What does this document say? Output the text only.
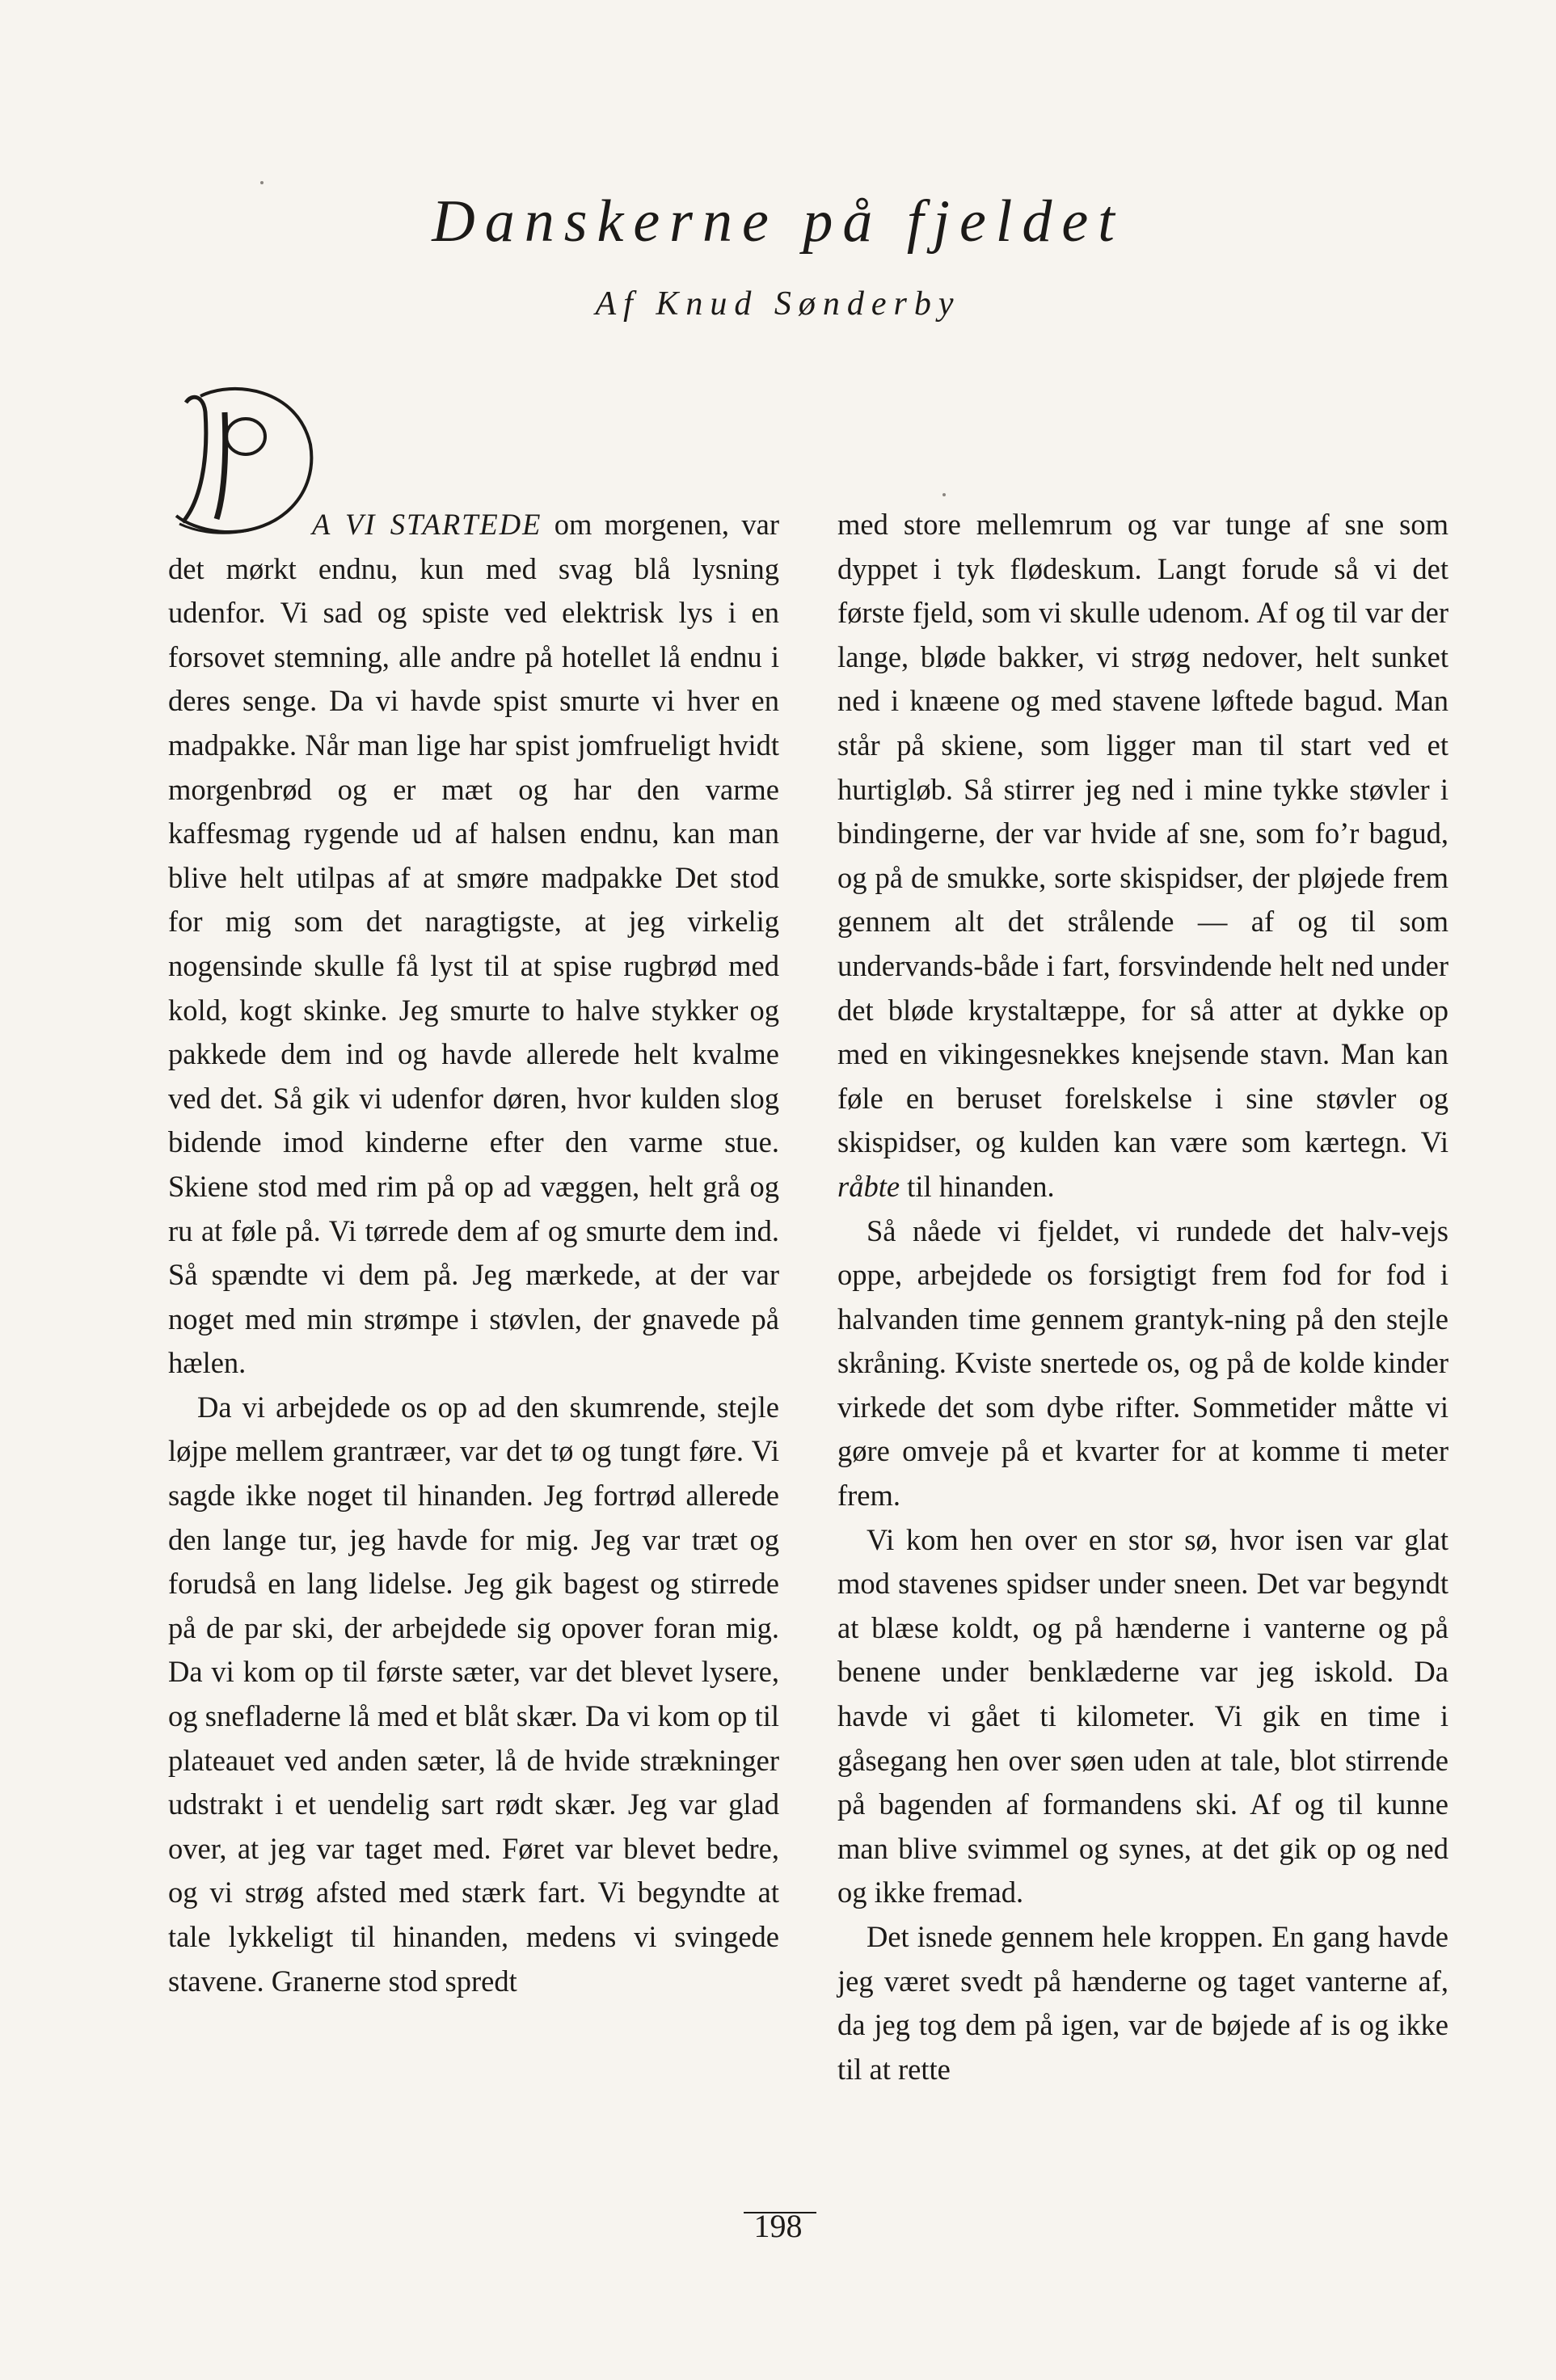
Danskerne på fjeldet
Af Knud Sønderby

A VI STARTEDE om morgenen, var det mørkt endnu, kun med svag blå lysning udenfor. Vi sad og spiste ved elektrisk lys i en forsovet stemning, alle andre på hotellet lå endnu i deres senge. Da vi havde spist smurte vi hver en madpakke. Når man lige har spist jomfrueligt hvidt morgenbrød og er mæt og har den varme kaffesmag rygende ud af halsen endnu, kan man blive helt utilpas af at smøre madpakke Det stod for mig som det naragtigste, at jeg virkelig nogensinde skulle få lyst til at spise rugbrød med kold, kogt skinke. Jeg smurte to halve stykker og pakkede dem ind og havde allerede helt kvalme ved det. Så gik vi udenfor døren, hvor kulden slog bidende imod kinderne efter den varme stue. Skiene stod med rim på op ad væggen, helt grå og ru at føle på. Vi tørrede dem af og smurte dem ind. Så spændte vi dem på. Jeg mærkede, at der var noget med min strømpe i støvlen, der gnavede på hælen.

Da vi arbejdede os op ad den skumrende, stejle løjpe mellem grantræer, var det tø og tungt føre. Vi sagde ikke noget til hinanden. Jeg fortrød allerede den lange tur, jeg havde for mig. Jeg var træt og forudså en lang lidelse. Jeg gik bagest og stirrede på de par ski, der arbejdede sig opover foran mig. Da vi kom op til første sæter, var det blevet lysere, og snefladerne lå med et blåt skær. Da vi kom op til plateauet ved anden sæter, lå de hvide strækninger udstrakt i et uendelig sart rødt skær. Jeg var glad over, at jeg var taget med. Føret var blevet bedre, og vi strøg afsted med stærk fart. Vi begyndte at tale lykkeligt til hinanden, medens vi svingede stavene. Granerne stod spredt

med store mellemrum og var tunge af sne som dyppet i tyk flødeskum. Langt forude så vi det første fjeld, som vi skulle udenom. Af og til var der lange, bløde bakker, vi strøg nedover, helt sunket ned i knæene og med stavene løftede bagud. Man står på skiene, som ligger man til start ved et hurtigløb. Så stirrer jeg ned i mine tykke støvler i bindingerne, der var hvide af sne, som fo’r bagud, og på de smukke, sorte skispidser, der pløjede frem gennem alt det strålende — af og til som undervands-både i fart, forsvindende helt ned under det bløde krystaltæppe, for så atter at dykke op med en vikingesnekkes knejsende stavn. Man kan føle en beruset forelskelse i sine støvler og skispidser, og kulden kan være som kærtegn. Vi råbte til hinanden.

Så nåede vi fjeldet, vi rundede det halv-vejs oppe, arbejdede os forsigtigt frem fod for fod i halvanden time gennem grantyk-ning på den stejle skråning. Kviste snertede os, og på de kolde kinder virkede det som dybe rifter. Sommetider måtte vi gøre omveje på et kvarter for at komme ti meter frem.

Vi kom hen over en stor sø, hvor isen var glat mod stavenes spidser under sneen. Det var begyndt at blæse koldt, og på hænderne i vanterne og på benene under benklæderne var jeg iskold. Da havde vi gået ti kilometer. Vi gik en time i gåsegang hen over søen uden at tale, blot stirrende på bagenden af formandens ski. Af og til kunne man blive svimmel og synes, at det gik op og ned og ikke fremad.

Det isnede gennem hele kroppen. En gang havde jeg været svedt på hænderne og taget vanterne af, da jeg tog dem på igen, var de bøjede af is og ikke til at rette

198
